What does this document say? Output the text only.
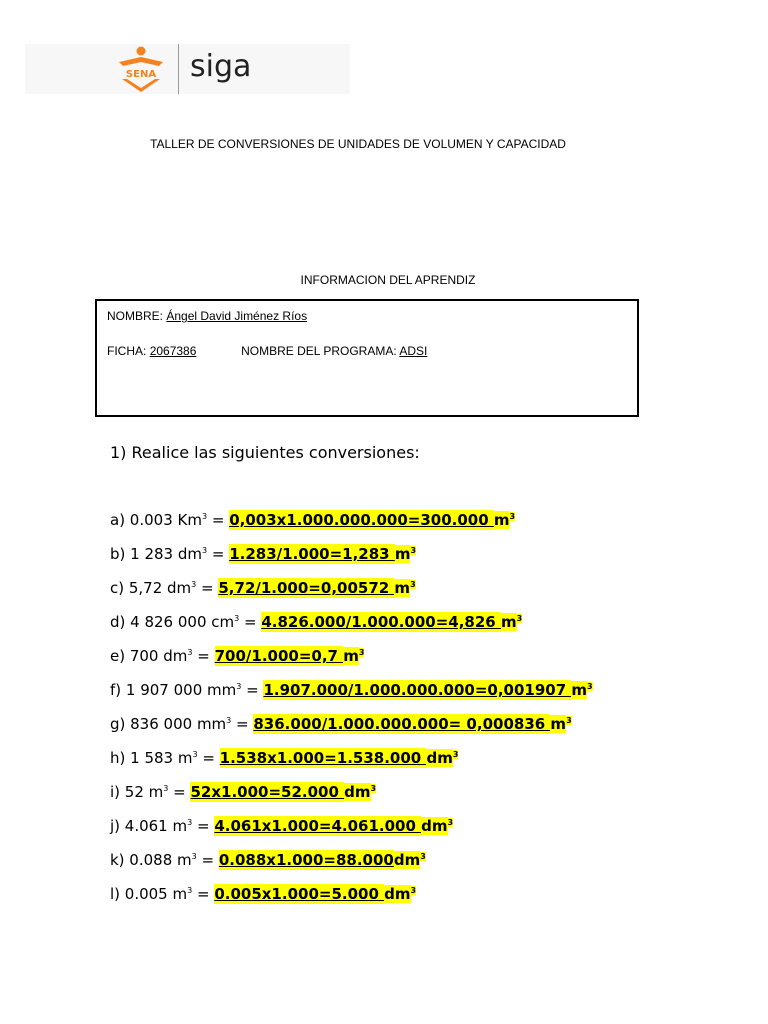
SENA siga
TALLER DE CONVERSIONES DE UNIDADES DE VOLUMEN Y CAPACIDAD
INFORMACION DEL APRENDIZ
NOMBRE: Ángel David Jiménez Ríos
FICHA: 2067386	NOMBRE DEL PROGRAMA: ADSI
1) Realice las siguientes conversiones:
a) 0.003 $Km^3 = 0,003x1.000.000.000=300.000$ $m^3$
b) 1 283 $dm^3 = 1.283/1.000=1,283$ $m^3$
c) 5,72 $dm^3 = 5,72/1.000=0,00572$ $m^3$
d) 4 826 000 $cm^3 = 4.826.000/1.000.000=4,826$ $m^3$
e) 700 $dm^3 = 700/1.000=0,7$ $m^3$
f) 1 907 000 $mm^3 = 1.907.000/1.000.000.000=0,001907$ $m^3$
g) 836 000 $mm^3 = 836.000/1.000.000.000= 0,000836$ $m^3$
h) 1 583 $m^3 = 1.538x1.000=1.538.000$ $dm^3$
i) 52 $m^3 = 52x1.000=52.000$ $dm^3$
j) 4.061 $m^3 = 4.061x1.000=4.061.000$ $dm^3$
k) 0.088 $m^3 = 0.088x1.000=88.000dm^3$
l) 0.005 $m^3 = 0.005x1.000=5.000$ $dm^3$
